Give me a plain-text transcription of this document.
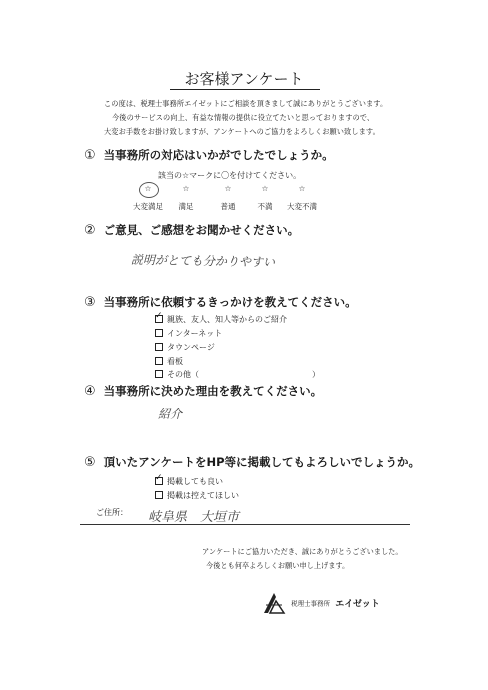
お客様アンケート
この度は、税理士事務所エイゼットにご相談を頂きまして誠にありがとうございます。
今後のサービスの向上、有益な情報の提供に役立てたいと思っておりますので、
大変お手数をお掛け致しますが、アンケートへのご協力をよろしくお願い致します。
① 当事務所の対応はいかがでしたでしょうか。
該当の☆マークに〇を付けてください。
☆
大変満足
☆
満足
☆
普通
☆
不満
☆
大変不満
② ご意見、ご感想をお聞かせください。
説明がとても分かりやすい
③ 当事務所に依頼するきっかけを教えてください。
✓親族、友人、知人等からのご紹介
インターネット
タウンページ
看板
その他（	）
④ 当事務所に決めた理由を教えてください。
紹介
⑤ 頂いたアンケートをHP等に掲載してもよろしいでしょうか。
✓掲載しても良い
掲載は控えてほしい
ご住所： 岐阜県　大垣市
アンケートにご協力いただき、誠にありがとうございました。
今後とも何卒よろしくお願い申し上げます。
税理士事務所 エイゼット
